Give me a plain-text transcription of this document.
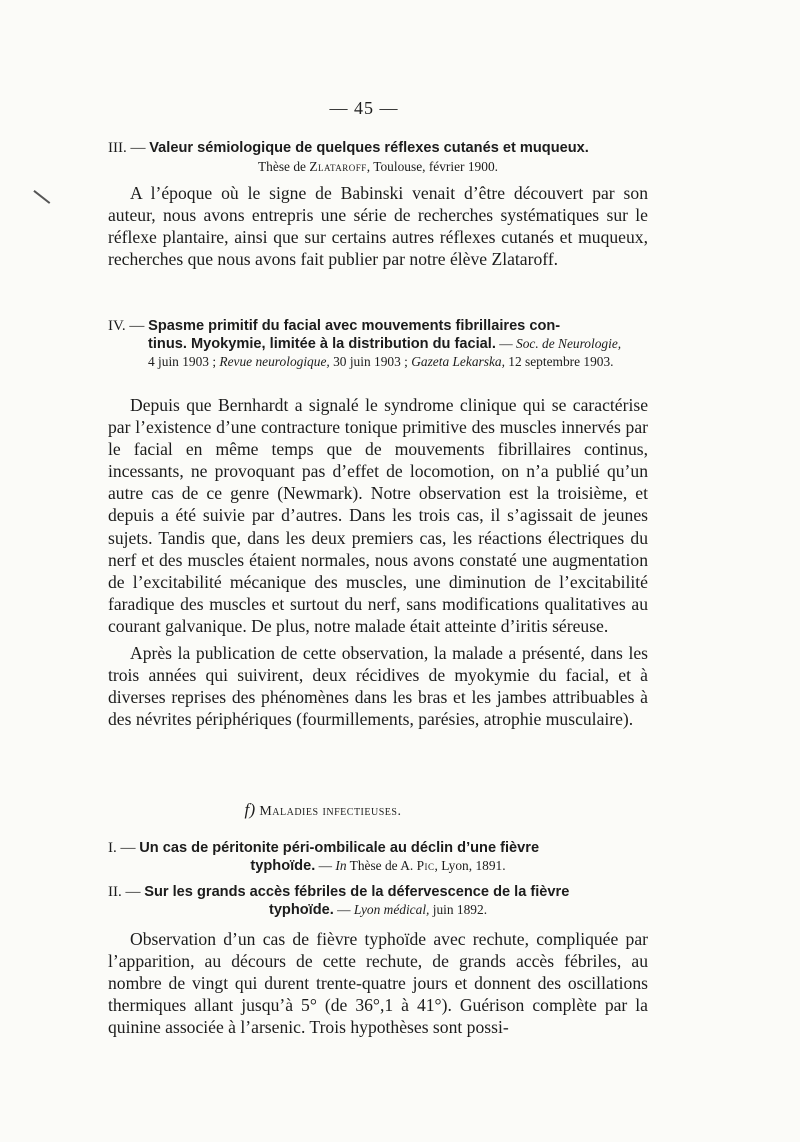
— 45 —
III. — Valeur sémiologique de quelques réflexes cutanés et muqueux.
Thèse de Zlataroff, Toulouse, février 1900.

A l’époque où le signe de Babinski venait d’être découvert par son auteur, nous avons entrepris une série de recherches systématiques sur le réflexe plantaire, ainsi que sur certains autres réflexes cutanés et muqueux, recherches que nous avons fait publier par notre élève Zlataroff.

IV. — Spasme primitif du facial avec mouvements fibrillaires con-
tinus. Myokymie, limitée à la distribution du facial. — Soc. de Neurologie,
4 juin 1903 ; Revue neurologique, 30 juin 1903 ; Gazeta Lekarska, 12 septembre 1903.

Depuis que Bernhardt a signalé le syndrome clinique qui se caractérise par l’existence d’une contracture tonique primitive des muscles innervés par le facial en même temps que de mouvements fibrillaires continus, incessants, ne provoquant pas d’effet de locomotion, on n’a publié qu’un autre cas de ce genre (Newmark). Notre observation est la troisième, et depuis a été suivie par d’autres. Dans les trois cas, il s’agissait de jeunes sujets. Tandis que, dans les deux premiers cas, les réactions électriques du nerf et des muscles étaient normales, nous avons constaté une augmentation de l’excitabilité mécanique des muscles, une diminution de l’excitabilité faradique des muscles et surtout du nerf, sans modifications qualitatives au courant galvanique. De plus, notre malade était atteinte d’iritis séreuse.

Après la publication de cette observation, la malade a présenté, dans les trois années qui suivirent, deux récidives de myokymie du facial, et à diverses reprises des phénomènes dans les bras et les jambes attribuables à des névrites périphériques (fourmillements, parésies, atrophie musculaire).

f) Maladies infectieuses.
I. — Un cas de péritonite péri-ombilicale au déclin d’une fièvre
typhoïde. — In Thèse de A. Pic, Lyon, 1891.
II. — Sur les grands accès fébriles de la défervescence de la fièvre
typhoïde. — Lyon médical, juin 1892.

Observation d’un cas de fièvre typhoïde avec rechute, compliquée par l’apparition, au décours de cette rechute, de grands accès fébriles, au nombre de vingt qui durent trente-quatre jours et donnent des oscillations thermiques allant jusqu’à 5° (de 36°,1 à 41°). Guérison complète par la quinine associée à l’arsenic. Trois hypothèses sont possi-
